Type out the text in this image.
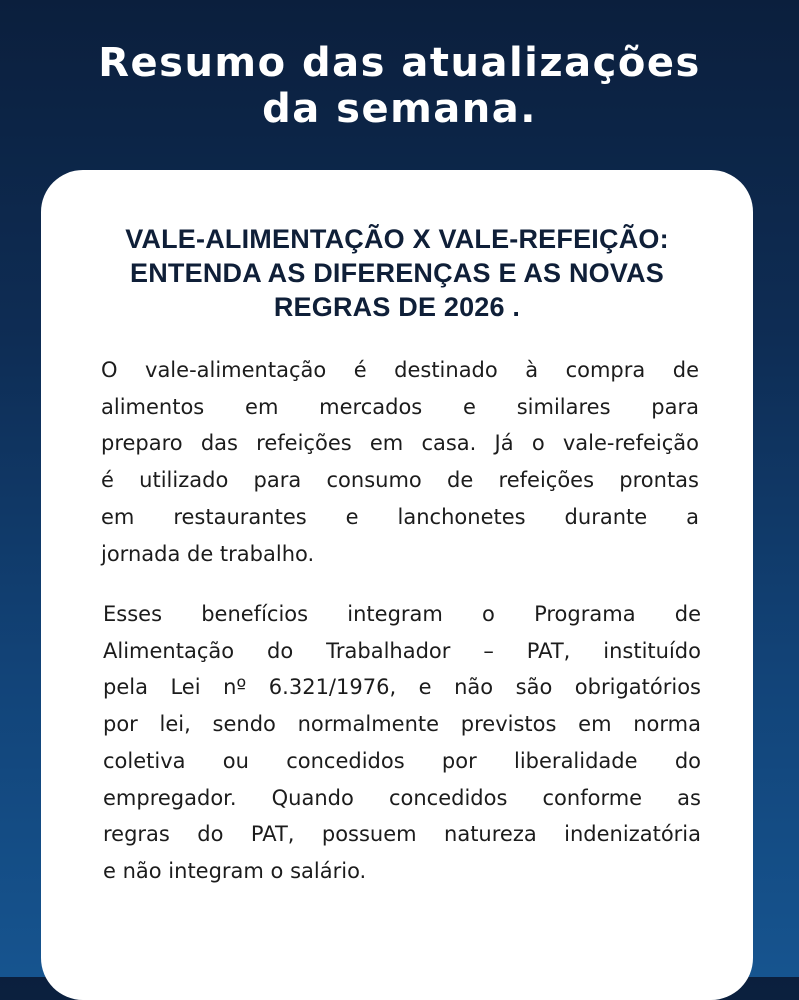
Resumo das atualizações
da semana.
VALE-ALIMENTAÇÃO X VALE-REFEIÇÃO:
ENTENDA AS DIFERENÇAS E AS NOVAS
REGRAS DE 2026 .

O vale-alimentação é destinado à compra de
alimentos em mercados e similares para
preparo das refeições em casa. Já o vale-refeição
é utilizado para consumo de refeições prontas
em restaurantes e lanchonetes durante a
jornada de trabalho.

Esses benefícios integram o Programa de
Alimentação do Trabalhador – PAT, instituído
pela Lei nº 6.321/1976, e não são obrigatórios
por lei, sendo normalmente previstos em norma
coletiva ou concedidos por liberalidade do
empregador. Quando concedidos conforme as
regras do PAT, possuem natureza indenizatória
e não integram o salário.
